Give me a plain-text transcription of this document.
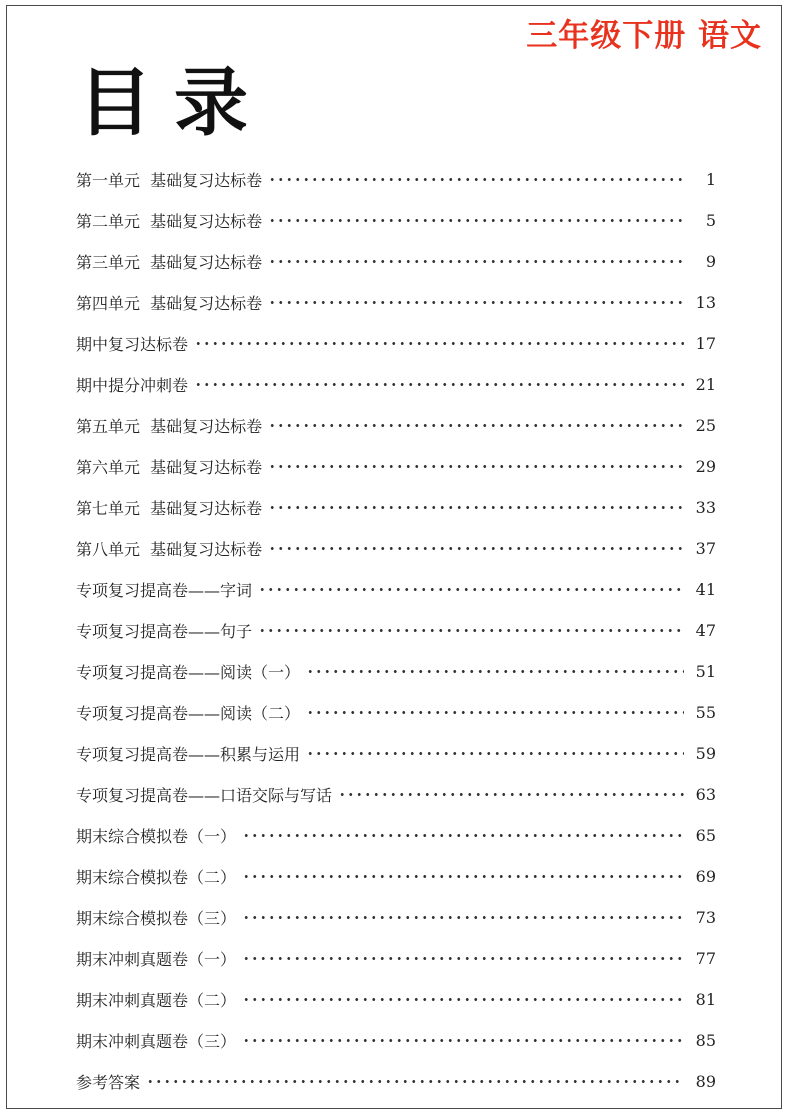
三年级下册 语文
目录
第一单元  基础复习达标卷	1
第二单元  基础复习达标卷	5
第三单元  基础复习达标卷	9
第四单元  基础复习达标卷	13
期中复习达标卷	17
期中提分冲刺卷	21
第五单元  基础复习达标卷	25
第六单元  基础复习达标卷	29
第七单元  基础复习达标卷	33
第八单元  基础复习达标卷	37
专项复习提高卷——字词	41
专项复习提高卷——句子	47
专项复习提高卷——阅读（一）	51
专项复习提高卷——阅读（二）	55
专项复习提高卷——积累与运用	59
专项复习提高卷——口语交际与写话	63
期末综合模拟卷（一）	65
期末综合模拟卷（二）	69
期末综合模拟卷（三）	73
期末冲刺真题卷（一）	77
期末冲刺真题卷（二）	81
期末冲刺真题卷（三）	85
参考答案	89
